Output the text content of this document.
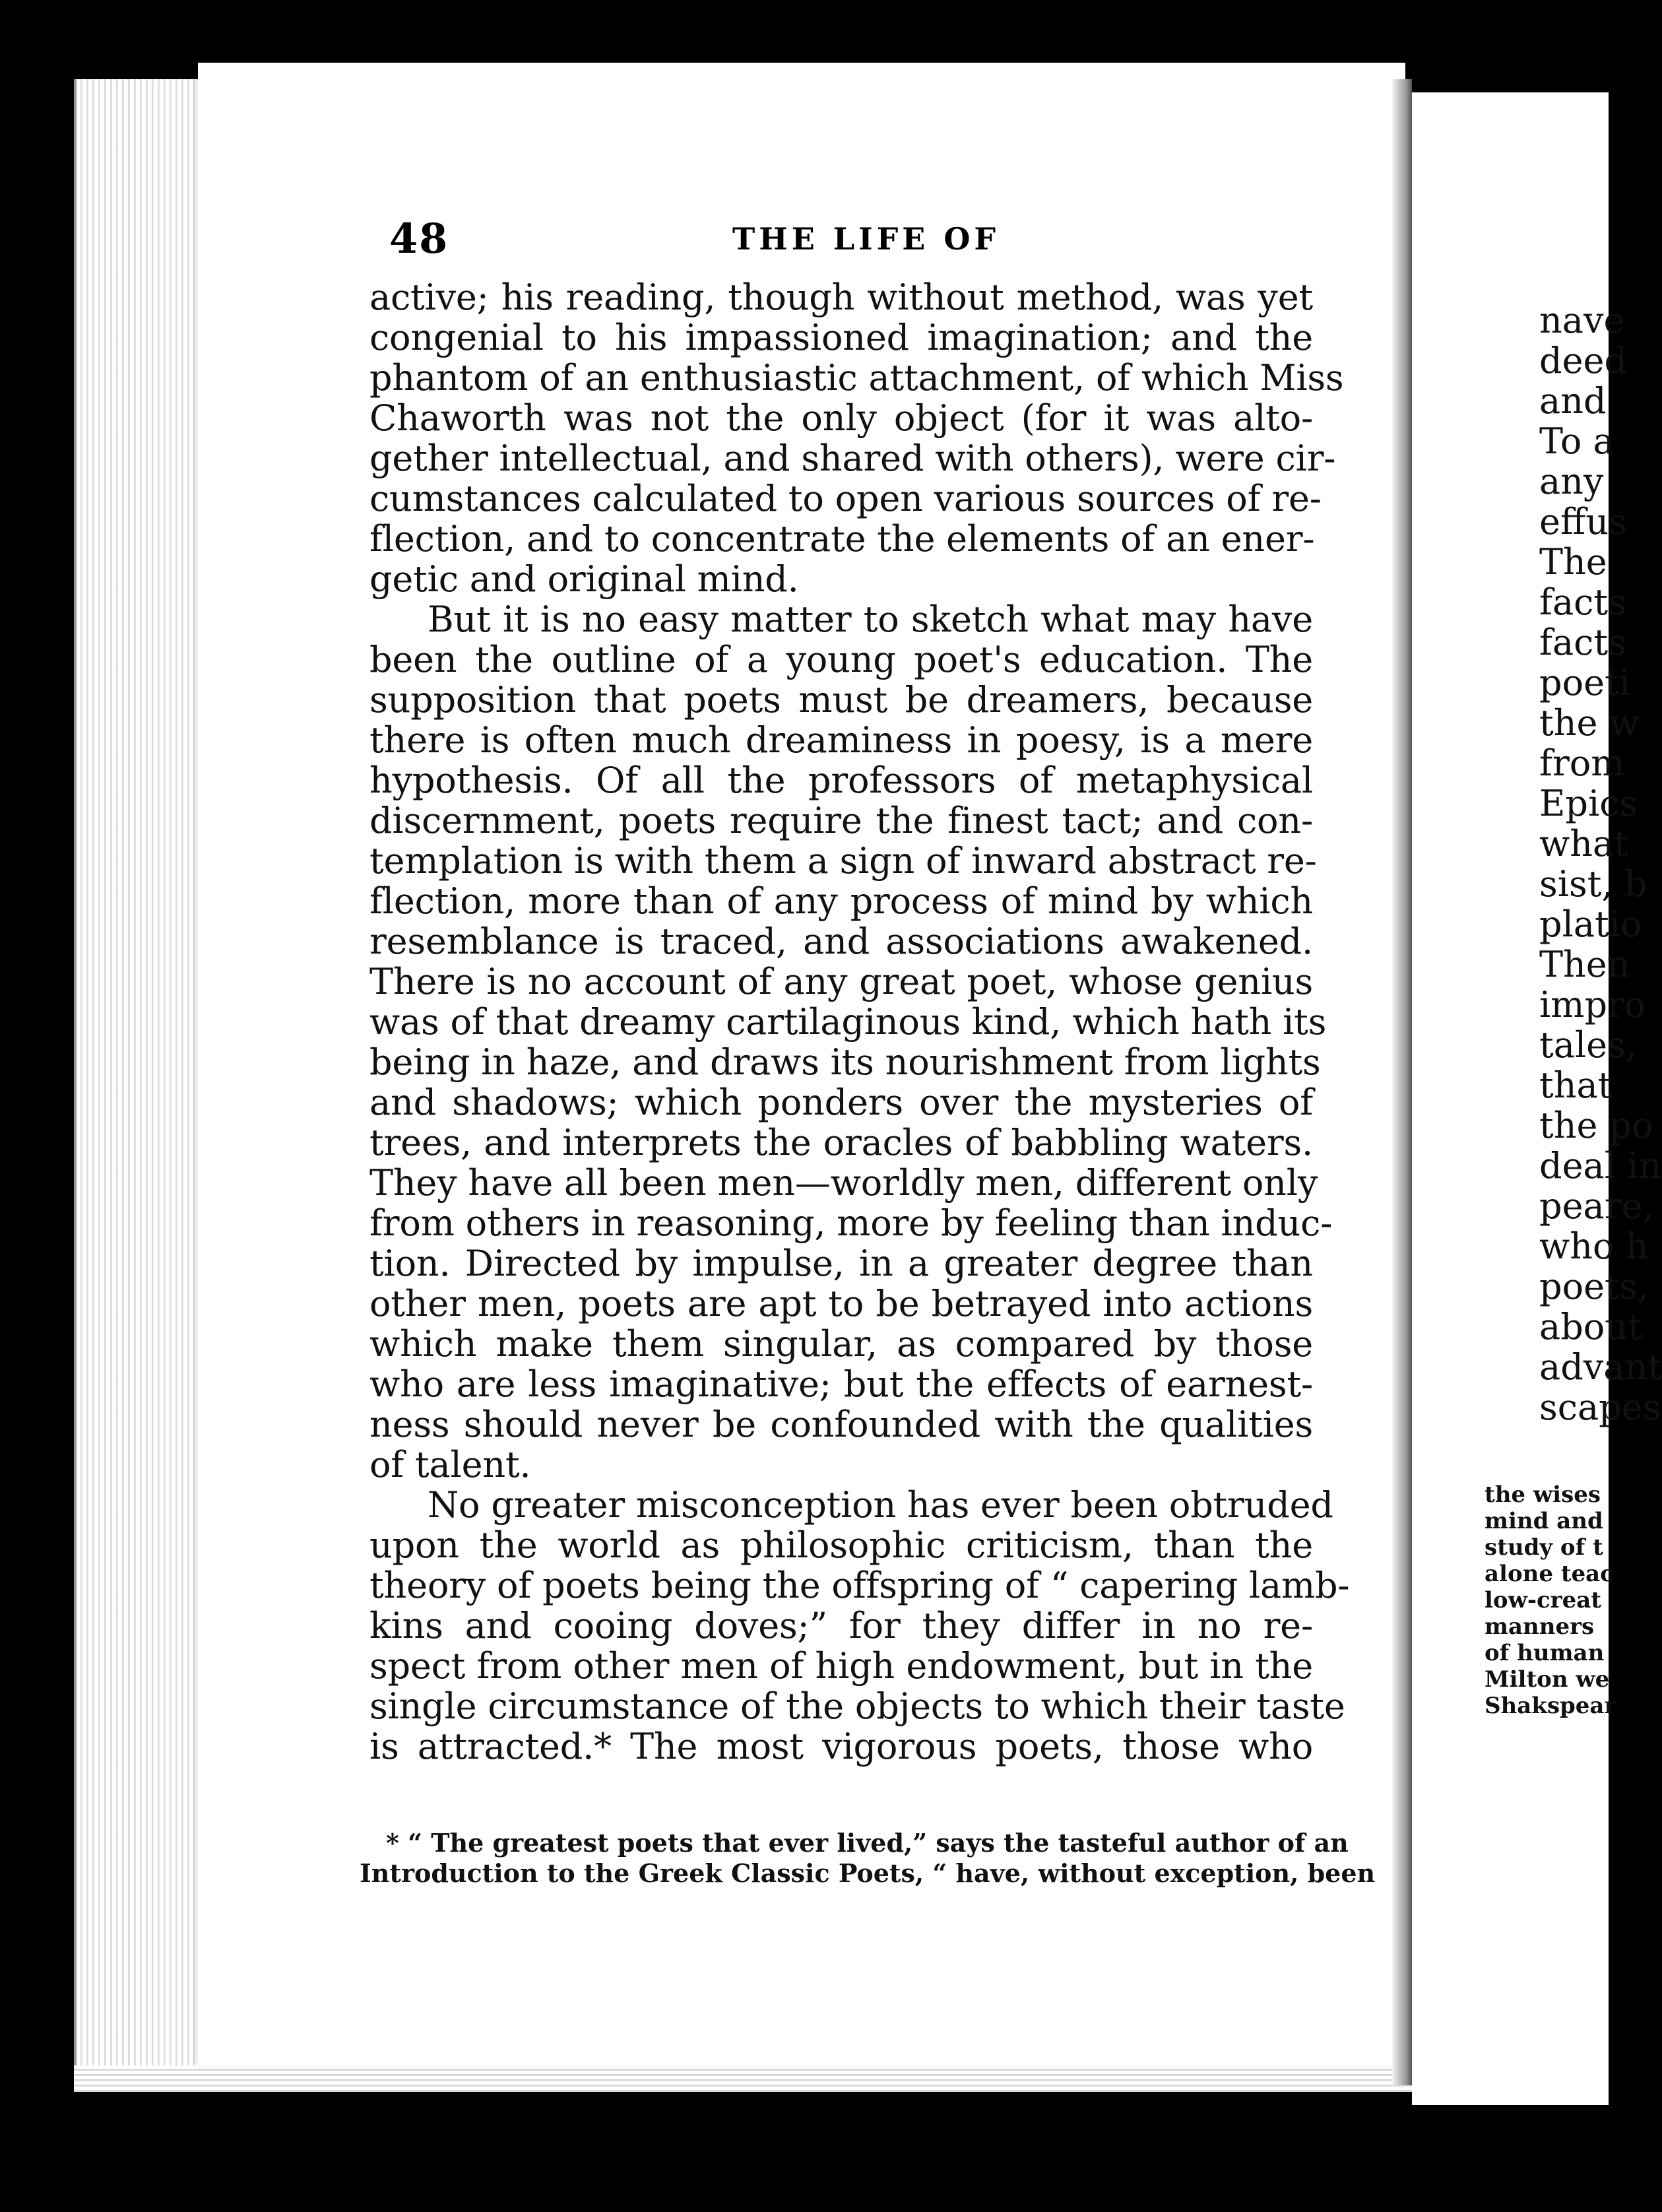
48	THE LIFE OF
active; his reading, though without method, was yet
congenial to his impassioned imagination; and the
phantom of an enthusiastic attachment, of which Miss
Chaworth was not the only object (for it was alto-
gether intellectual, and shared with others), were cir-
cumstances calculated to open various sources of re-
flection, and to concentrate the elements of an ener-
getic and original mind.
But it is no easy matter to sketch what may have
been the outline of a young poet's education. The
supposition that poets must be dreamers, because
there is often much dreaminess in poesy, is a mere
hypothesis. Of all the professors of metaphysical
discernment, poets require the finest tact; and con-
templation is with them a sign of inward abstract re-
flection, more than of any process of mind by which
resemblance is traced, and associations awakened.
There is no account of any great poet, whose genius
was of that dreamy cartilaginous kind, which hath its
being in haze, and draws its nourishment from lights
and shadows; which ponders over the mysteries of
trees, and interprets the oracles of babbling waters.
They have all been men—worldly men, different only
from others in reasoning, more by feeling than induc-
tion. Directed by impulse, in a greater degree than
other men, poets are apt to be betrayed into actions
which make them singular, as compared by those
who are less imaginative; but the effects of earnest-
ness should never be confounded with the qualities
of talent.
No greater misconception has ever been obtruded
upon the world as philosophic criticism, than the
theory of poets being the offspring of “ capering lamb-
kins and cooing doves;” for they differ in no re-
spect from other men of high endowment, but in the
single circumstance of the objects to which their taste
is attracted.* The most vigorous poets, those who
* “ The greatest poets that ever lived,” says the tasteful author of an
Introduction to the Greek Classic Poets, “ have, without exception, been
nave
deed
and
To a
any
effus
The
facts
facts
poeti
the w
from
Epics
what
sist, b
platio
Then
impro
tales,
that
the po
deal in
peare,
who h
poets,
about
advant
scapes
the wises
mind and
study of t
alone teac
low-creat
manners
of human
Milton we
Shakspear
